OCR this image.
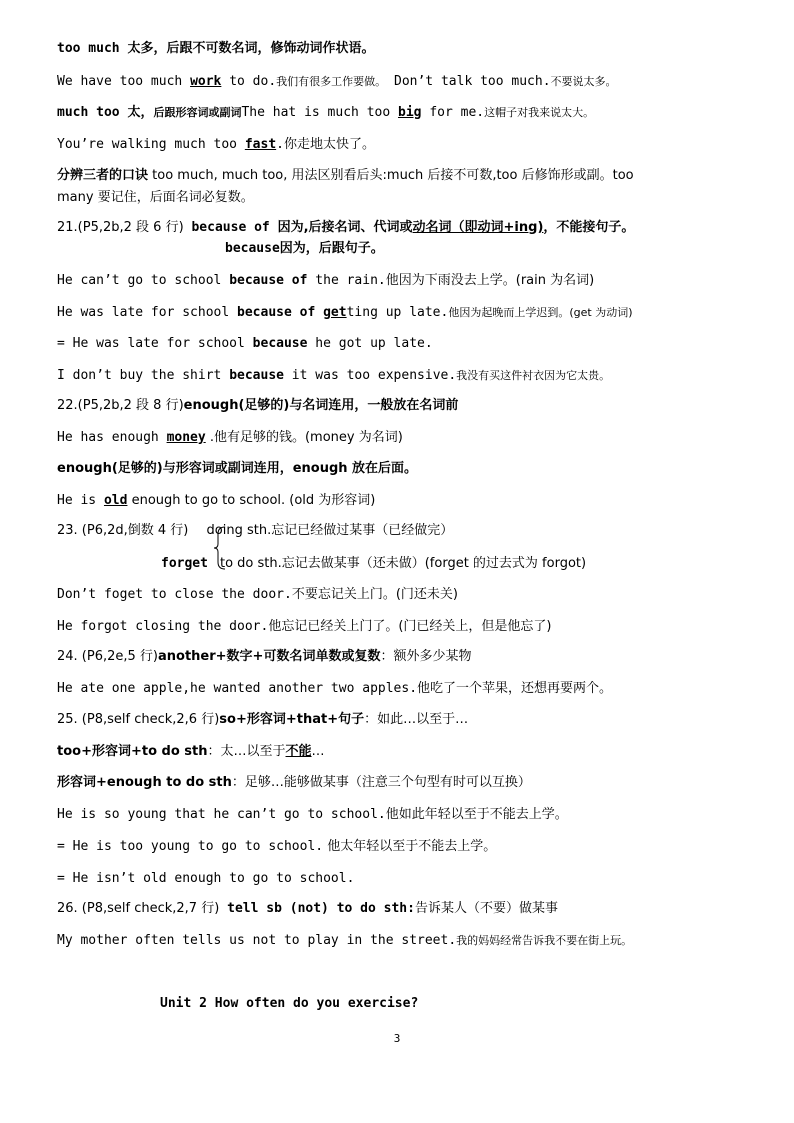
too much 太多，后跟不可数名词，修饰动词作状语。
We have too much work to do.我们有很多工作要做。 Don’t talk too much.不要说太多。
much too 太，后跟形容词或副词The hat is much too big for me.这帽子对我来说太大。
You’re walking much too fast.你走地太快了。
分辨三者的口诀 too much, much too, 用法区别看后头:much 后接不可数,too 后修饰形或副。too
many 要记住，后面名词必复数。
21.(P5,2b,2 段 6 行) because of 因为,后接名词、代词或动名词（即动词+ing)，不能接句子。
because因为，后跟句子。
He can’t go to school because of the rain.他因为下雨没去上学。(rain 为名词)
He was late for school because of getting up late.他因为起晚而上学迟到。(get 为动词)
= He was late for school because he got up late.
I don’t buy the shirt because it was too expensive.我没有买这件衬衣因为它太贵。
22.(P5,2b,2 段 8 行)enough(足够的)与名词连用，一般放在名词前
He has enough money .他有足够的钱。(money 为名词)
enough(足够的)与形容词或副词连用，enough 放在后面。
He is old enough to go to school. (old 为形容词)
23. (P6,2d,倒数 4 行) doing sth.忘记已经做过某事（已经做完）
forget to do sth.忘记去做某事（还未做）(forget 的过去式为 forgot)
Don’t foget to close the door.不要忘记关上门。(门还未关)
He forgot closing the door.他忘记已经关上门了。(门已经关上，但是他忘了)
24. (P6,2e,5 行)another+数字+可数名词单数或复数：额外多少某物
He ate one apple,he wanted another two apples.他吃了一个苹果，还想再要两个。
25. (P8,self check,2,6 行)so+形容词+that+句子：如此…以至于…
too+形容词+to do sth：太…以至于不能…
形容词+enough to do sth：足够…能够做某事（注意三个句型有时可以互换）
He is so young that he can’t go to school.他如此年轻以至于不能去上学。
= He is too young to go to school. 他太年轻以至于不能去上学。
= He isn’t old enough to go to school.
26. (P8,self check,2,7 行) tell sb (not) to do sth:告诉某人（不要）做某事
My mother often tells us not to play in the street.我的妈妈经常告诉我不要在街上玩。
Unit 2 How often do you exercise?
3
